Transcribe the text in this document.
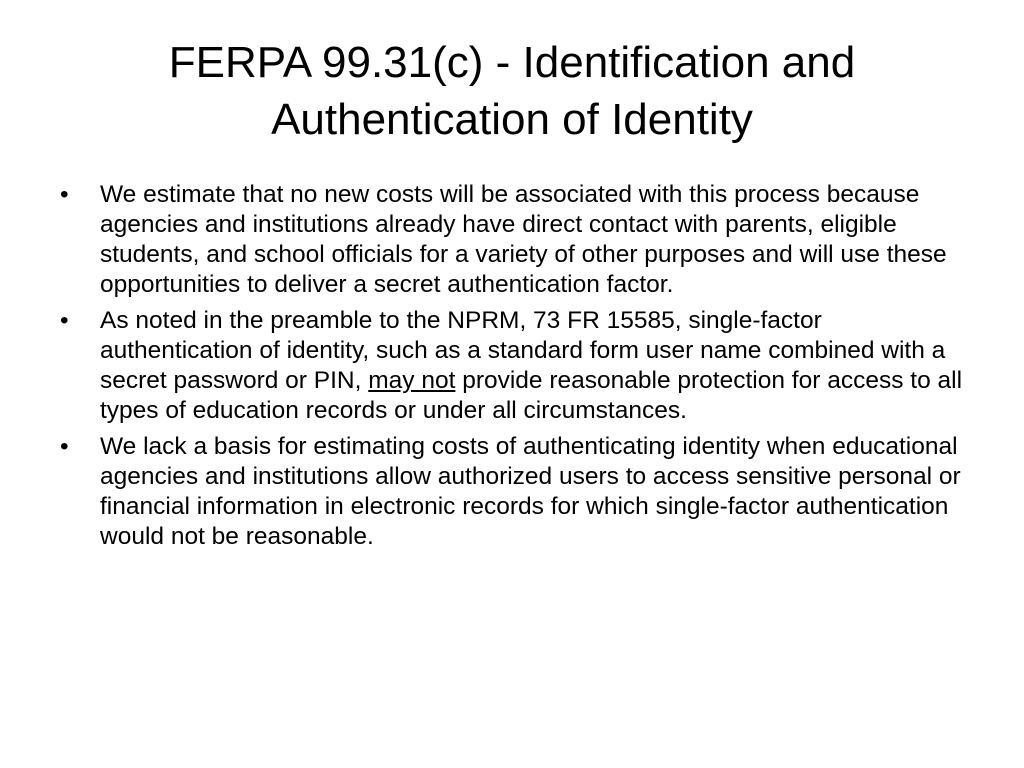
FERPA 99.31(c) - Identification and
Authentication of Identity
•	We estimate that no new costs will be associated with this process because agencies and institutions already have direct contact with parents, eligible students, and school officials for a variety of other purposes and will use these opportunities to deliver a secret authentication factor.
•	As noted in the preamble to the NPRM, 73 FR 15585, single-factor authentication of identity, such as a standard form user name combined with a secret password or PIN, may not provide reasonable protection for access to all types of education records or under all circumstances.
•	We lack a basis for estimating costs of authenticating identity when educational agencies and institutions allow authorized users to access sensitive personal or financial information in electronic records for which single-factor authentication would not be reasonable.
